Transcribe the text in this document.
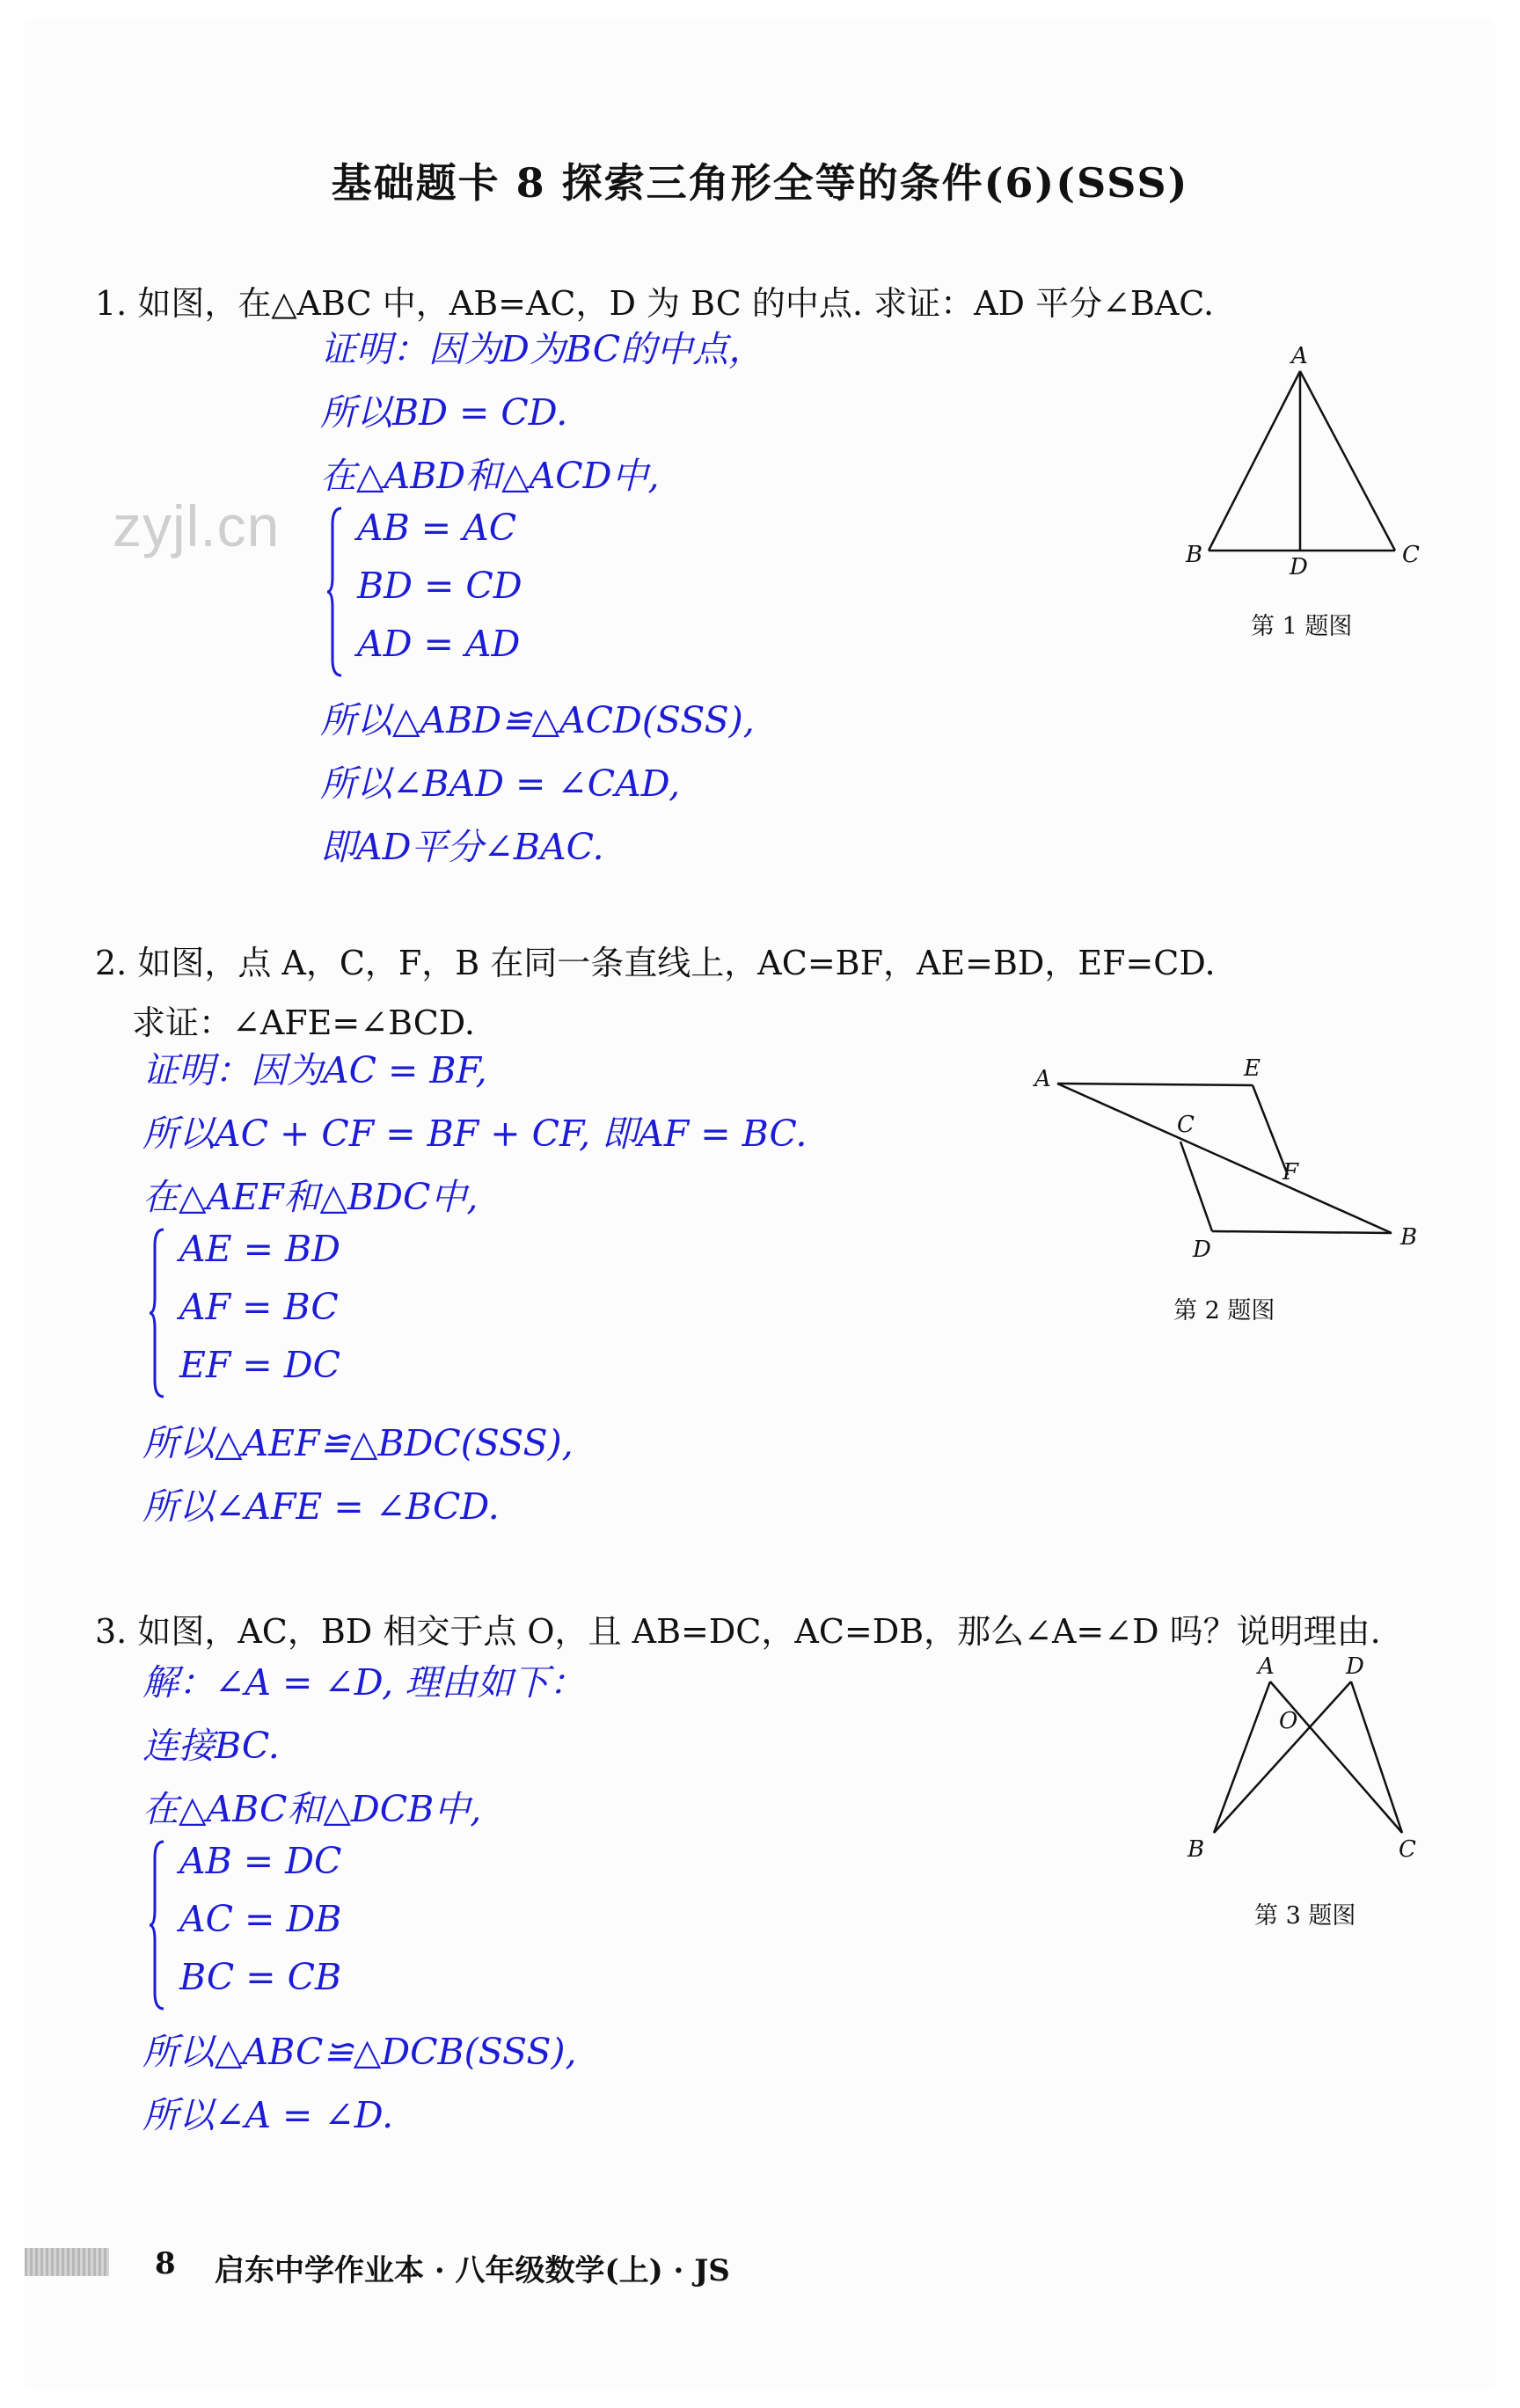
基础题卡 8 探索三角形全等的条件(6)(SSS)
zyjl.cn
1. 如图，在△ABC 中，AB=AC，D 为 BC 的中点. 求证：AD 平分∠BAC.
证明：因为D为BC的中点，
所以BD = CD.
在△ABD和△ACD中,
AB = AC
BD = CD
AD = AD
所以△ABD≌△ACD(SSS),
所以∠BAD = ∠CAD,
即AD平分∠BAC.
A
B	D	C
第 1 题图
2. 如图，点 A，C，F，B 在同一条直线上，AC=BF，AE=BD，EF=CD.
求证：∠AFE=∠BCD.
证明：因为AC = BF,
所以AC + CF = BF + CF, 即AF = BC.
在△AEF和△BDC中,
AE = BD
AF = BC
EF = DC
所以△AEF≌△BDC(SSS),
所以∠AFE = ∠BCD.
A	E
C
F
D	B
第 2 题图
3. 如图，AC，BD 相交于点 O，且 AB=DC，AC=DB，那么∠A=∠D 吗？说明理由.
解：∠A = ∠D, 理由如下：
连接BC.
在△ABC和△DCB中,
AB = DC
AC = DB
BC = CB
所以△ABC≌△DCB(SSS),
所以∠A = ∠D.
A	D
O
B	C
第 3 题图
8 启东中学作业本 · 八年级数学(上) · JS
